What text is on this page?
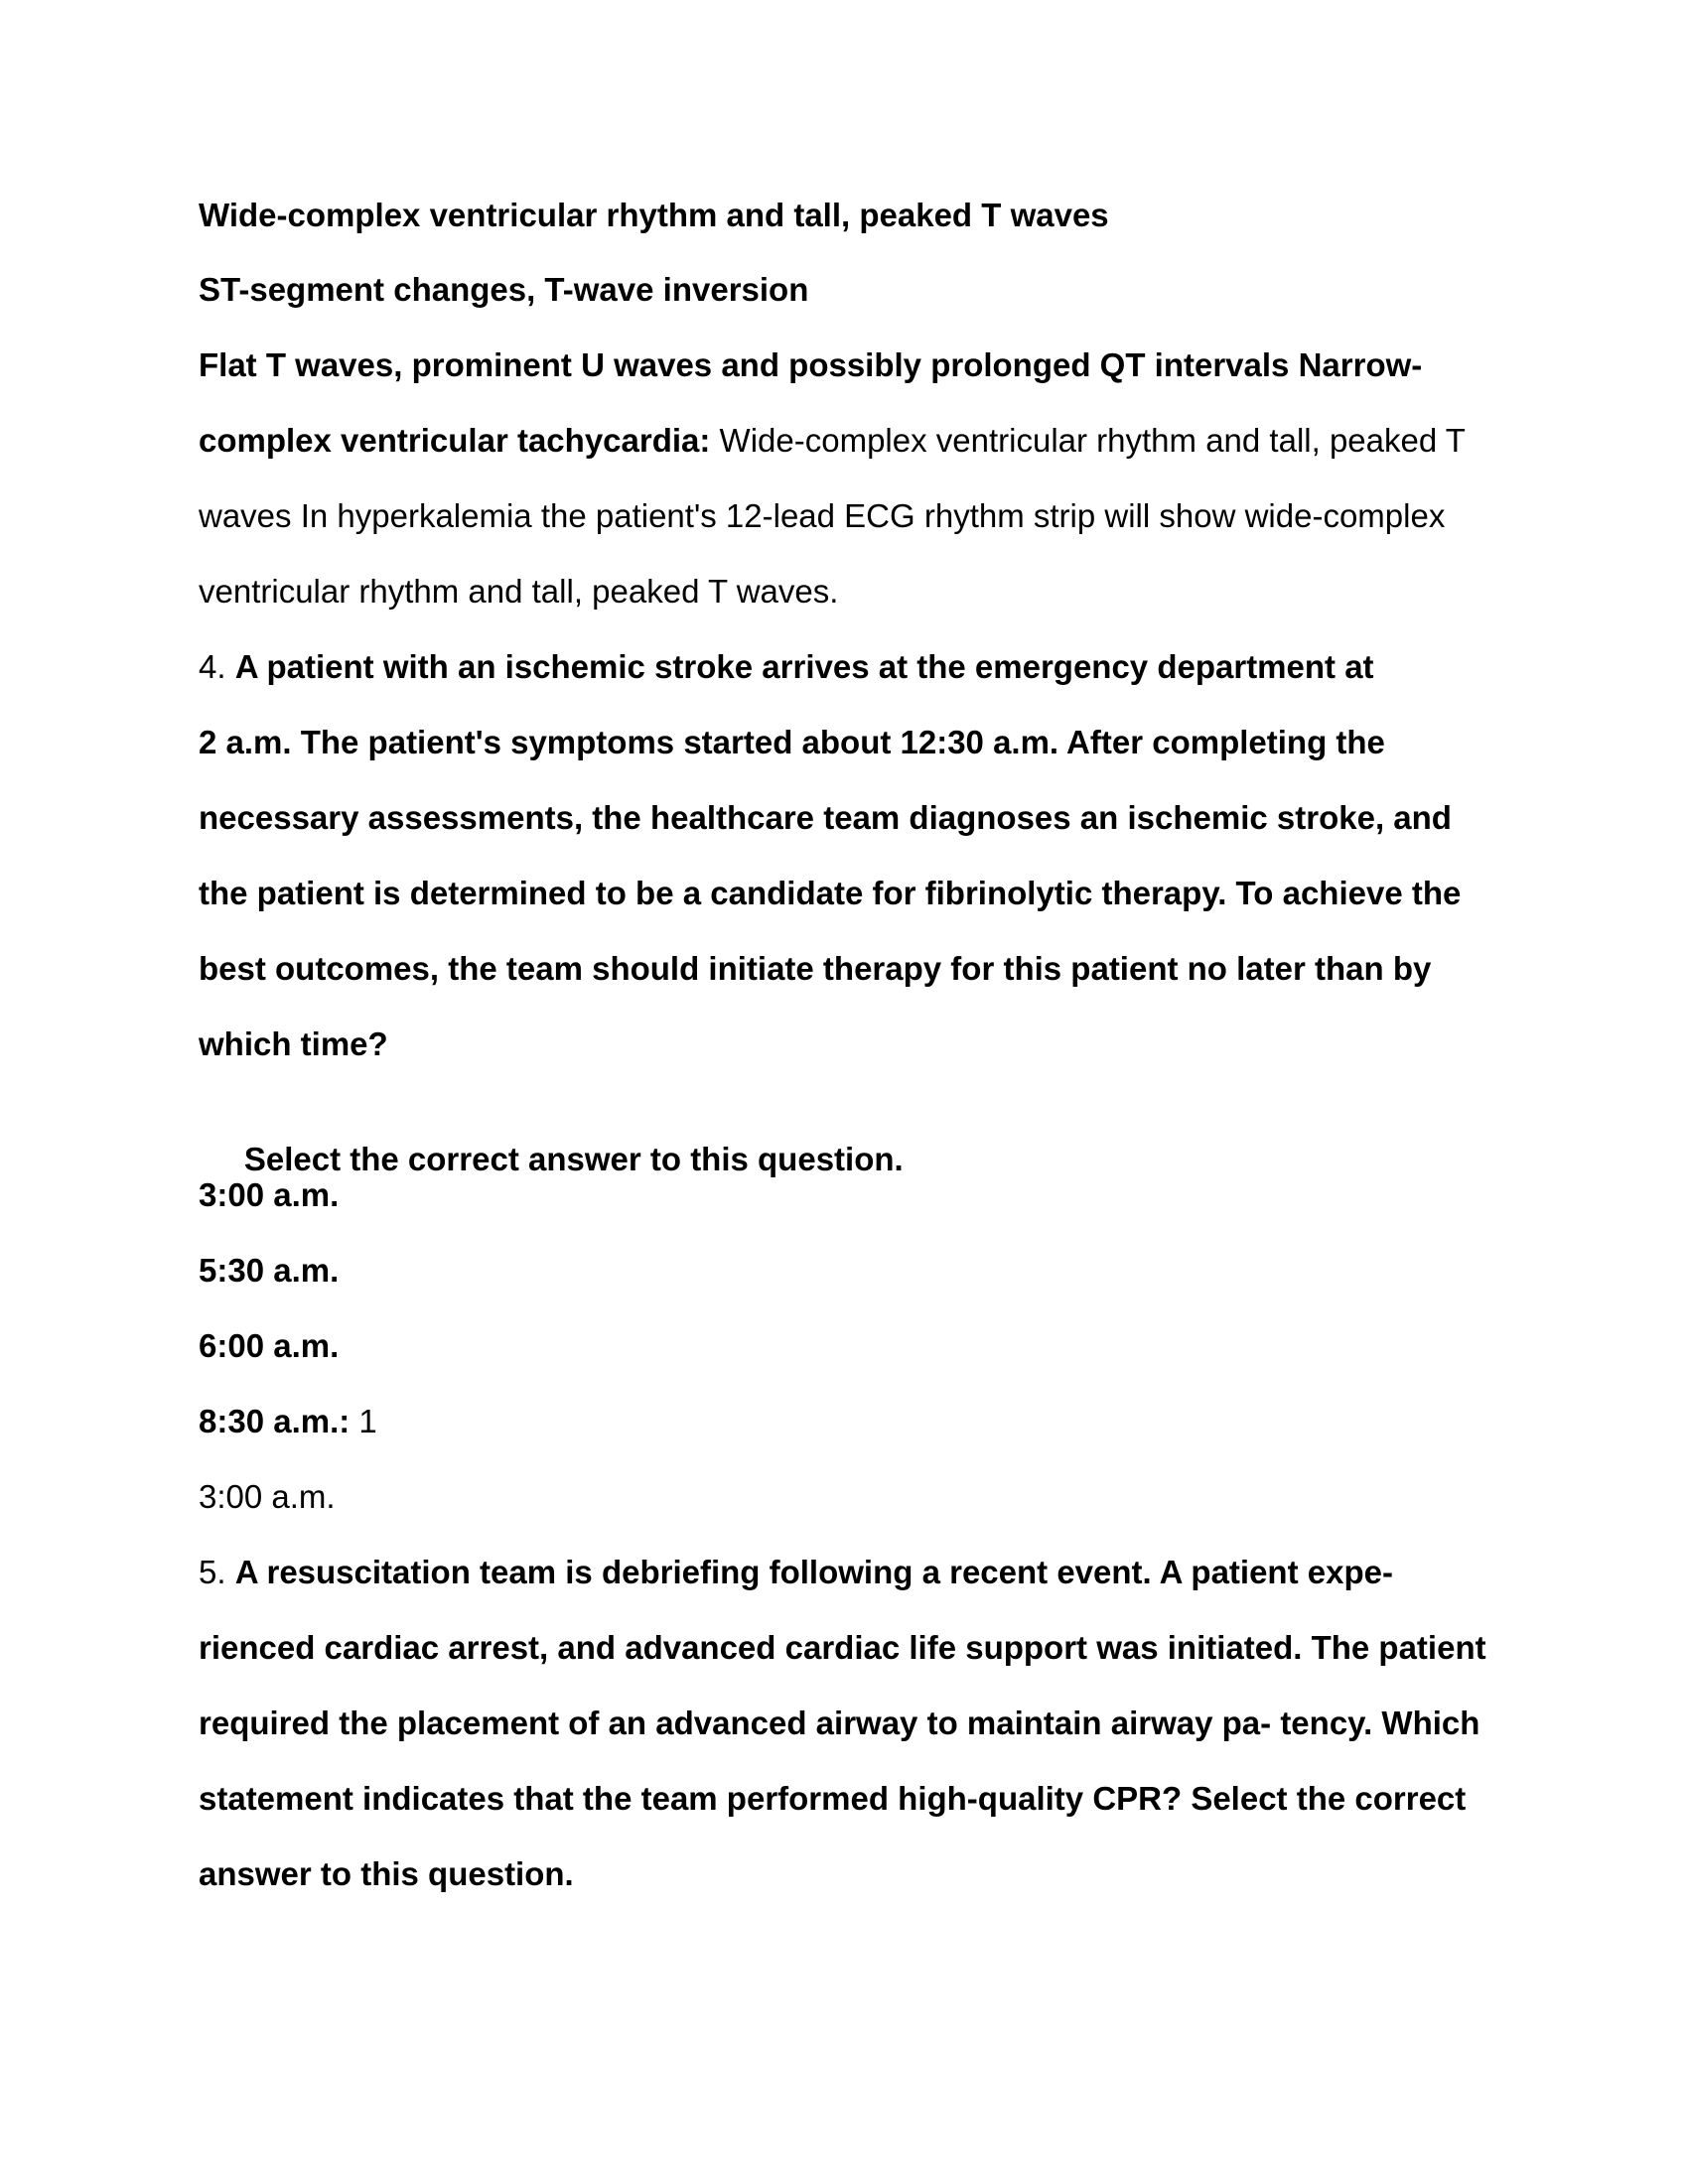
Wide-complex ventricular rhythm and tall, peaked T waves
ST-segment changes, T-wave inversion
Flat T waves, prominent U waves and possibly prolonged QT intervals Narrow-
complex ventricular tachycardia: Wide-complex ventricular rhythm and tall, peaked T
waves In hyperkalemia the patient's 12-lead ECG rhythm strip will show wide-complex
ventricular rhythm and tall, peaked T waves.
4. A patient with an ischemic stroke arrives at the emergency department at
2 a.m. The patient's symptoms started about 12:30 a.m. After completing the
necessary assessments, the healthcare team diagnoses an ischemic stroke, and
the patient is determined to be a candidate for fibrinolytic therapy. To achieve the
best outcomes, the team should initiate therapy for this patient no later than by
which time?

Select the correct answer to this question.

3:00 a.m.
5:30 a.m.
6:00 a.m.
8:30 a.m.: 1
3:00 a.m.
5. A resuscitation team is debriefing following a recent event. A patient expe-
rienced cardiac arrest, and advanced cardiac life support was initiated. The patient
required the placement of an advanced airway to maintain airway pa- tency. Which
statement indicates that the team performed high-quality CPR? Select the correct
answer to this question.
